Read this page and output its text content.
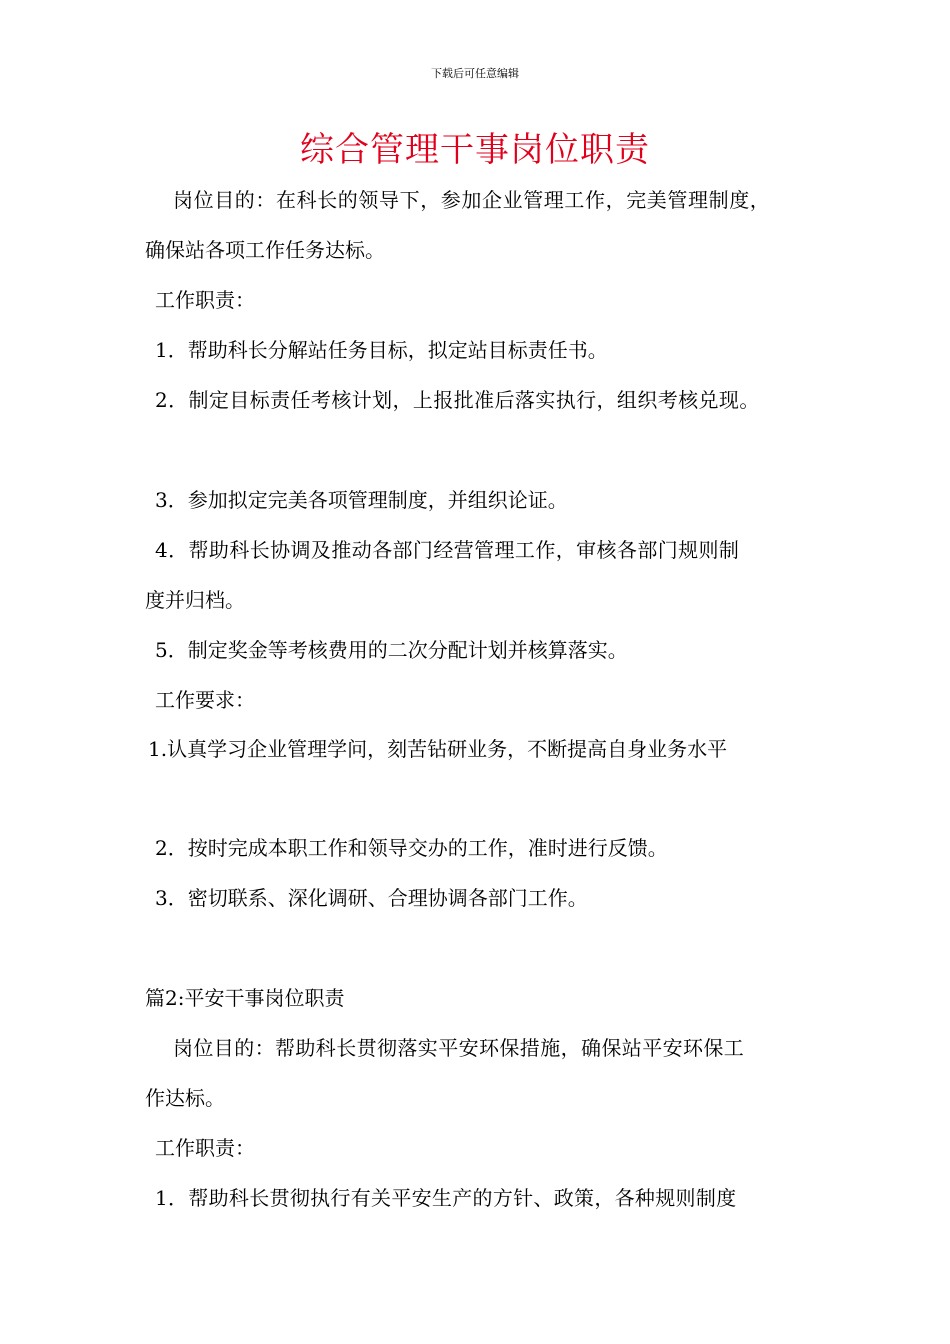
下载后可任意编辑
综合管理干事岗位职责
岗位目的：在科长的领导下，参加企业管理工作，完美管理制度，
确保站各项工作任务达标。
工作职责：
1．帮助科长分解站任务目标，拟定站目标责任书。
2．制定目标责任考核计划，上报批准后落实执行，组织考核兑现。
3．参加拟定完美各项管理制度，并组织论证。
4．帮助科长协调及推动各部门经营管理工作，审核各部门规则制
度并归档。
5．制定奖金等考核费用的二次分配计划并核算落实。
工作要求：
1.认真学习企业管理学问，刻苦钻研业务，不断提高自身业务水平
2．按时完成本职工作和领导交办的工作，准时进行反馈。
3．密切联系、深化调研、合理协调各部门工作。
篇2:平安干事岗位职责
岗位目的：帮助科长贯彻落实平安环保措施，确保站平安环保工
作达标。
工作职责：
1．帮助科长贯彻执行有关平安生产的方针、政策，各种规则制度
